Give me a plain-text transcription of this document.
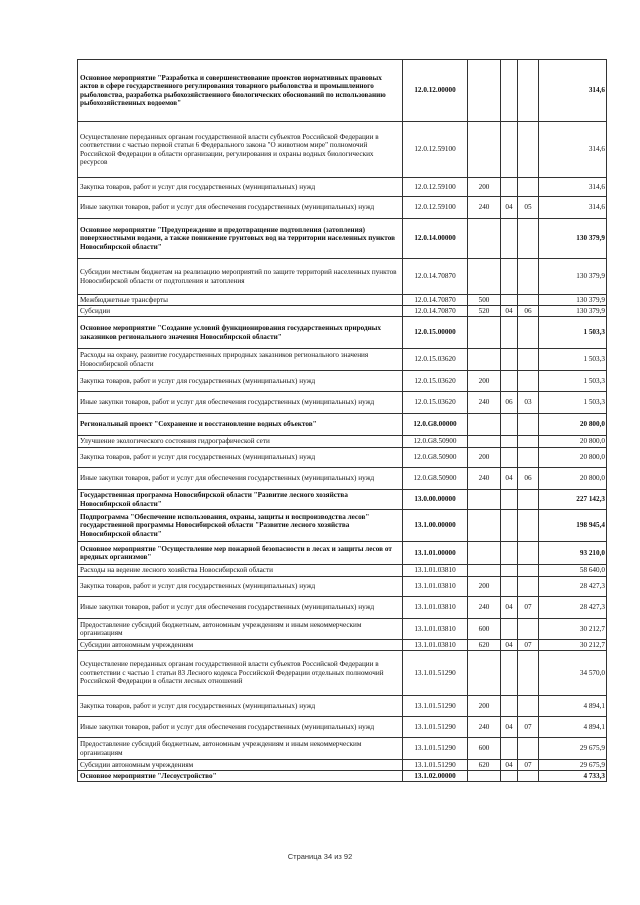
Основное мероприятие "Разработка и совершенствование проектов нормативных правовых актов в сфере государственного регулирования товарного рыболовства и промышленного рыболовства, разработка рыбохозяйственного биологических обоснований по использованию рыбохозяйственных водоемов"	12.0.12.00000				314,6
Осуществление переданных органам государственной власти субъектов Российской Федерации в соответствии с частью первой статьи 6 Федерального закона "О животном мире" полномочий Российской Федерации в области организации, регулирования и охраны водных биологических ресурсов	12.0.12.59100				314,6
Закупка товаров, работ и услуг для государственных (муниципальных) нужд	12.0.12.59100	200			314,6
Иные закупки товаров, работ и услуг для обеспечения государственных (муниципальных) нужд	12.0.12.59100	240	04	05	314,6
Основное мероприятие "Предупреждение и предотвращение подтопления (затопления) поверхностными водами, а также понижение грунтовых вод на территории населенных пунктов Новосибирской области"	12.0.14.00000				130 379,9
Субсидии местным бюджетам на реализацию мероприятий по защите территорий населенных пунктов Новосибирской области от подтопления и затопления	12.0.14.70870				130 379,9
Межбюджетные трансферты	12.0.14.70870	500			130 379,9
Субсидии	12.0.14.70870	520	04	06	130 379,9
Основное мероприятие "Создание условий функционирования государственных природных заказников регионального значения Новосибирской области"	12.0.15.00000				1 503,3
Расходы на охрану, развитие государственных природных заказников регионального значения Новосибирской области	12.0.15.03620				1 503,3
Закупка товаров, работ и услуг для государственных (муниципальных) нужд	12.0.15.03620	200			1 503,3
Иные закупки товаров, работ и услуг для обеспечения государственных (муниципальных) нужд	12.0.15.03620	240	06	03	1 503,3
Региональный проект "Сохранение и восстановление водных объектов"	12.0.G8.00000				20 800,0
Улучшение экологического состояния гидрографической сети	12.0.G8.50900				20 800,0
Закупка товаров, работ и услуг для государственных (муниципальных) нужд	12.0.G8.50900	200			20 800,0
Иные закупки товаров, работ и услуг для обеспечения государственных (муниципальных) нужд	12.0.G8.50900	240	04	06	20 800,0
Государственная программа Новосибирской области "Развитие лесного хозяйства Новосибирской области"	13.0.00.00000				227 142,3
Подпрограмма "Обеспечение использования, охраны, защиты и воспроизводства лесов" государственной программы Новосибирской области "Развитие лесного хозяйства Новосибирской области"	13.1.00.00000				198 945,4
Основное мероприятие "Осуществление мер пожарной безопасности в лесах и защиты лесов от вредных организмов"	13.1.01.00000				93 210,0
Расходы на ведение лесного хозяйства Новосибирской области	13.1.01.03810				58 640,0
Закупка товаров, работ и услуг для государственных (муниципальных) нужд	13.1.01.03810	200			28 427,3
Иные закупки товаров, работ и услуг для обеспечения государственных (муниципальных) нужд	13.1.01.03810	240	04	07	28 427,3
Предоставление субсидий бюджетным, автономным учреждениям и иным некоммерческим организациям	13.1.01.03810	600			30 212,7
Субсидии автономным учреждениям	13.1.01.03810	620	04	07	30 212,7
Осуществление переданных органам государственной власти субъектов Российской Федерации в соответствии с частью 1 статьи 83 Лесного кодекса Российской Федерации отдельных полномочий Российской Федерации в области лесных отношений	13.1.01.51290				34 570,0
Закупка товаров, работ и услуг для государственных (муниципальных) нужд	13.1.01.51290	200			4 894,1
Иные закупки товаров, работ и услуг для обеспечения государственных (муниципальных) нужд	13.1.01.51290	240	04	07	4 894,1
Предоставление субсидий бюджетным, автономным учреждениям и иным некоммерческим организациям	13.1.01.51290	600			29 675,9
Субсидии автономным учреждениям	13.1.01.51290	620	04	07	29 675,9
Основное мероприятие "Лесоустройство"	13.1.02.00000				4 733,3
Страница 34 из 92
